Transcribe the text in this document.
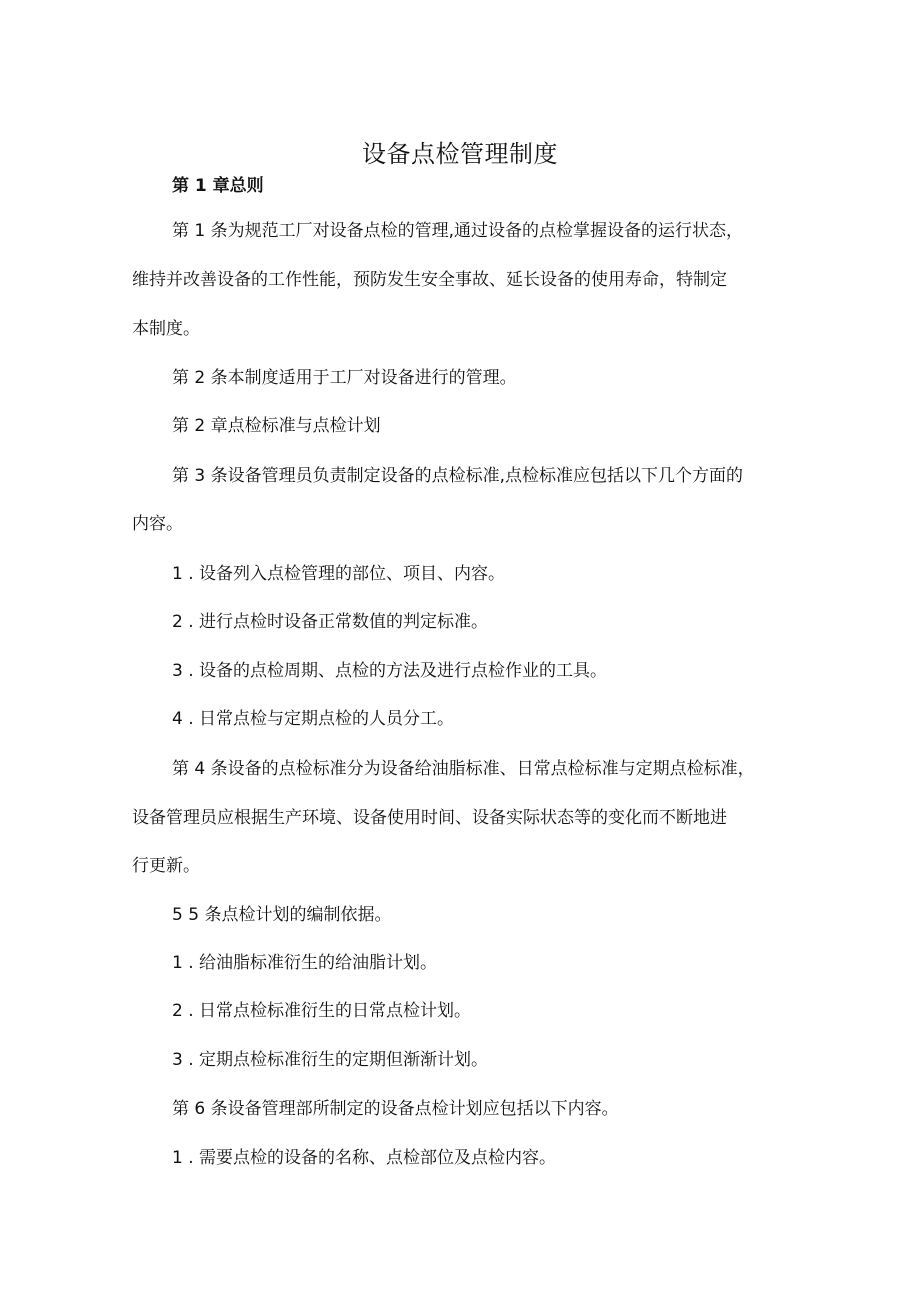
设备点检管理制度
第 1 章总则
第 1 条为规范工厂对设备点检的管理,通过设备的点检掌握设备的运行状态，
维持并改善设备的工作性能，预防发生安全事故、延长设备的使用寿命，特制定
本制度。
第 2 条本制度适用于工厂对设备进行的管理。
第 2 章点检标准与点检计划
第 3 条设备管理员负责制定设备的点检标准,点检标准应包括以下几个方面的
内容。
1 . 设备列入点检管理的部位、项目、内容。
2 . 进行点检时设备正常数值的判定标准。
3 . 设备的点检周期、点检的方法及进行点检作业的工具。
4 . 日常点检与定期点检的人员分工。
第 4 条设备的点检标准分为设备给油脂标准、日常点检标准与定期点检标准，
设备管理员应根据生产环境、设备使用时间、设备实际状态等的变化而不断地进
行更新。
5 5 条点检计划的编制依据。
1 . 给油脂标准衍生的给油脂计划。
2 . 日常点检标准衍生的日常点检计划。
3 . 定期点检标准衍生的定期但渐渐计划。
第 6 条设备管理部所制定的设备点检计划应包括以下内容。
1 . 需要点检的设备的名称、点检部位及点检内容。
